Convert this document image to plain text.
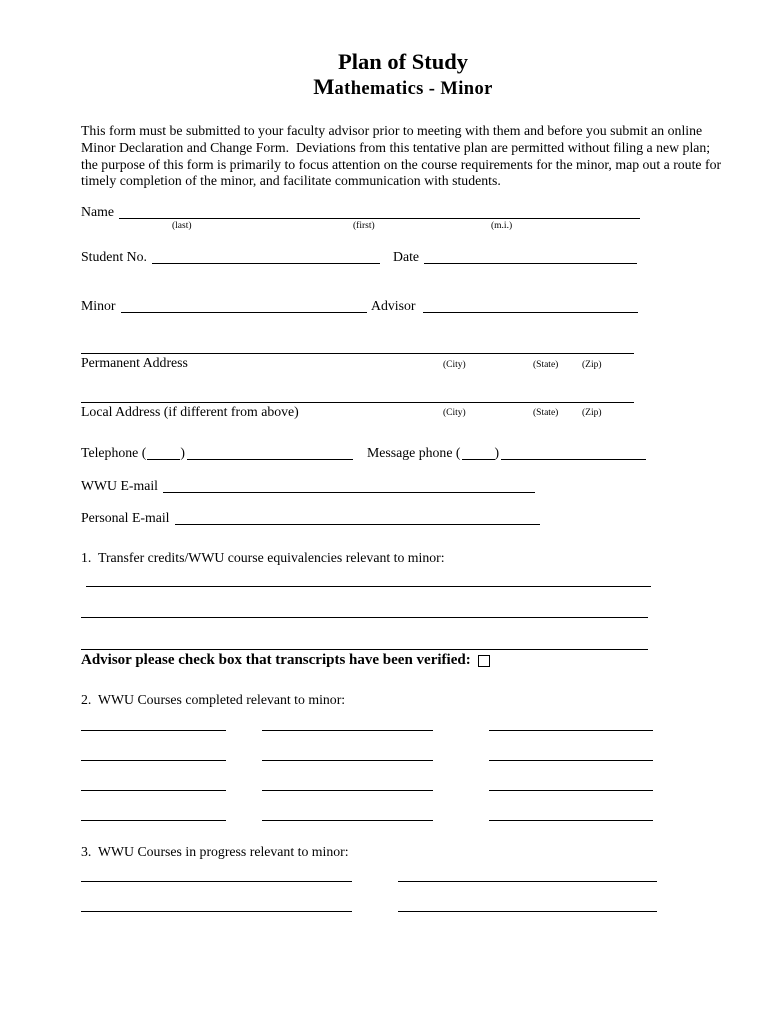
Plan of Study
Mathematics - Minor
This form must be submitted to your faculty advisor prior to meeting with them and before you submit an online
Minor Declaration and Change Form.  Deviations from this tentative plan are permitted without filing a new plan;
the purpose of this form is primarily to focus attention on the course requirements for the minor, map out a route for
timely completion of the minor, and facilitate communication with students.
Name
(last)	(first)	(m.i.)
Student No.	Date
Minor	Advisor
Permanent Address	(City)	(State) (Zip)
Local Address (if different from above)	(City)	(State) (Zip)
Telephone ( )	Message phone ( )
WWU E-mail
Personal E-mail
1.  Transfer credits/WWU course equivalencies relevant to minor:
Advisor please check box that transcripts have been verified:
2.  WWU Courses completed relevant to minor:
3.  WWU Courses in progress relevant to minor:
